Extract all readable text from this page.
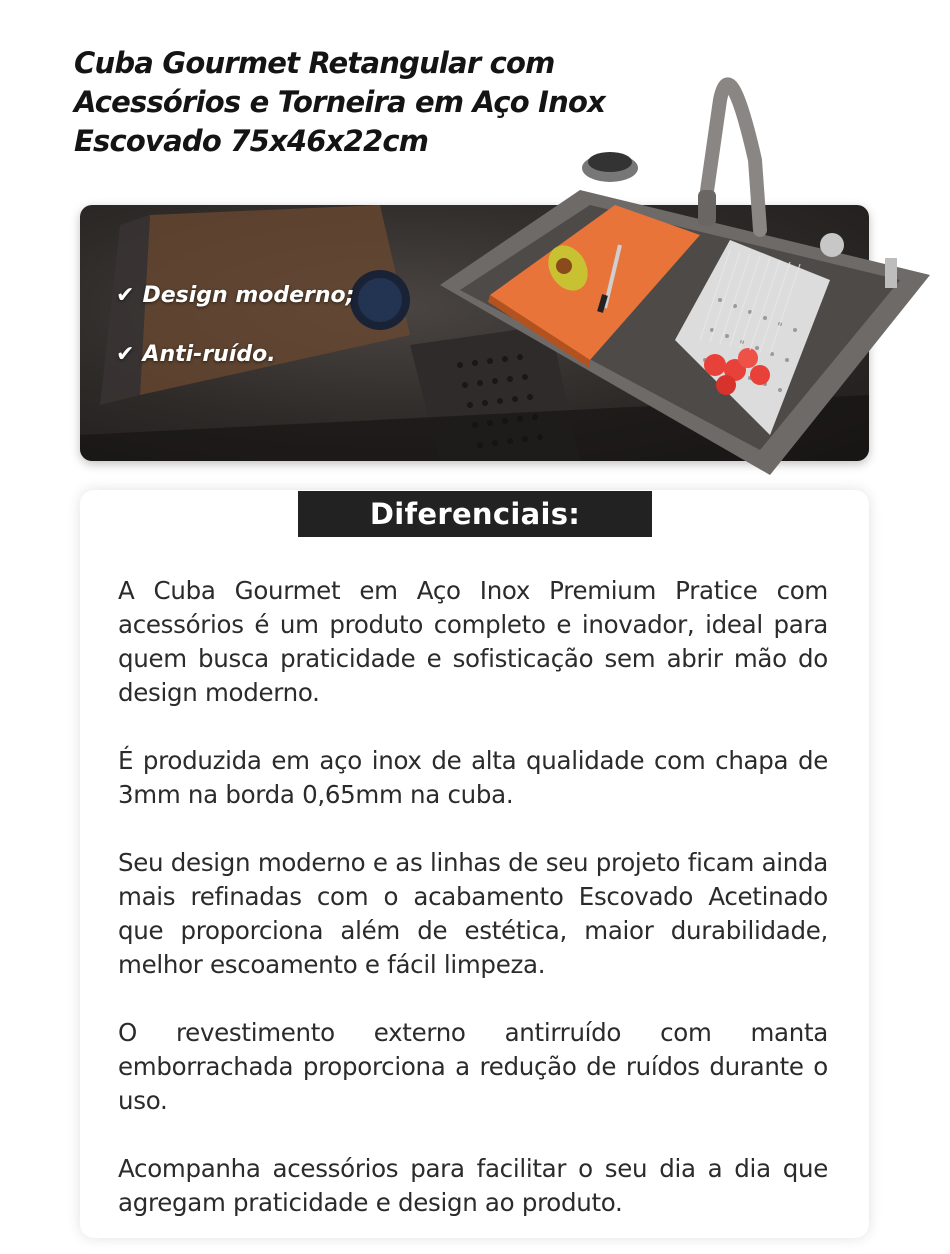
Cuba Gourmet Retangular com Acessórios e Torneira em Aço Inox Escovado 75x46x22cm
✔ Design moderno;
✔ Anti-ruído.
Diferenciais:

A Cuba Gourmet em Aço Inox Premium Pratice com acessórios é um produto completo e inovador, ideal para quem busca praticidade e sofisticação sem abrir mão do design moderno.

É produzida em aço inox de alta qualidade com chapa de 3mm na borda 0,65mm na cuba.

Seu design moderno e as linhas de seu projeto ficam ainda mais refinadas com o acabamento Escovado Acetinado que proporciona além de estética, maior durabilidade, melhor escoamento e fácil limpeza.

O revestimento externo antirruído com manta emborrachada proporciona a redução de ruídos durante o uso.

Acompanha acessórios para facilitar o seu dia a dia que agregam praticidade e design ao produto.
